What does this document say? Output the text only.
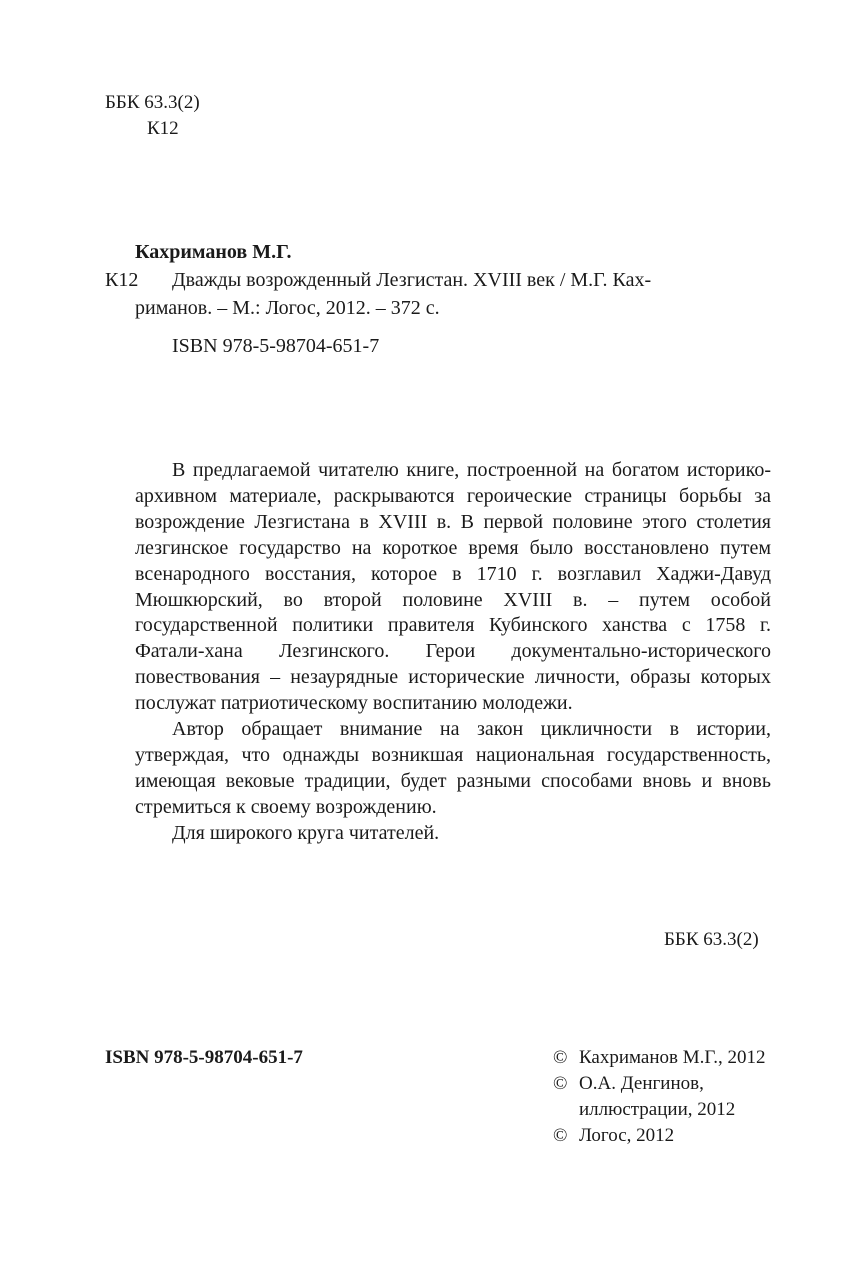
ББК 63.3(2)
К12
Кахриманов М.Г.
К12 Дважды возрожденный Лезгистан. XVIII век / М.Г. Ках-
риманов. – М.: Логос, 2012. – 372 с.
ISBN 978-5-98704-651-7

В предлагаемой читателю книге, построенной на богатом историко-архивном материале, раскрываются героические страницы борьбы за возрождение Лезгистана в XVIII в. В первой половине этого столетия лезгинское государство на короткое время было восстановлено путем всенародного восстания, которое в 1710 г. возглавил Хаджи-Давуд Мюшкюрский, во второй половине XVIII в. – путем особой государственной политики правителя Кубинского ханства с 1758 г. Фатали-хана Лезгинского. Герои документально-исторического повествования – незаурядные исторические личности, образы которых послужат патриотическому воспитанию молодежи.

Автор обращает внимание на закон цикличности в истории, утверждая, что однажды возникшая национальная государственность, имеющая вековые традиции, будет разными способами вновь и вновь стремиться к своему возрождению.

Для широкого круга читателей.

ББК 63.3(2)
ISBN 978-5-98704-651-7	© Кахриманов М.Г., 2012
© О.А. Денгинов,
иллюстрации, 2012
© Логос, 2012
